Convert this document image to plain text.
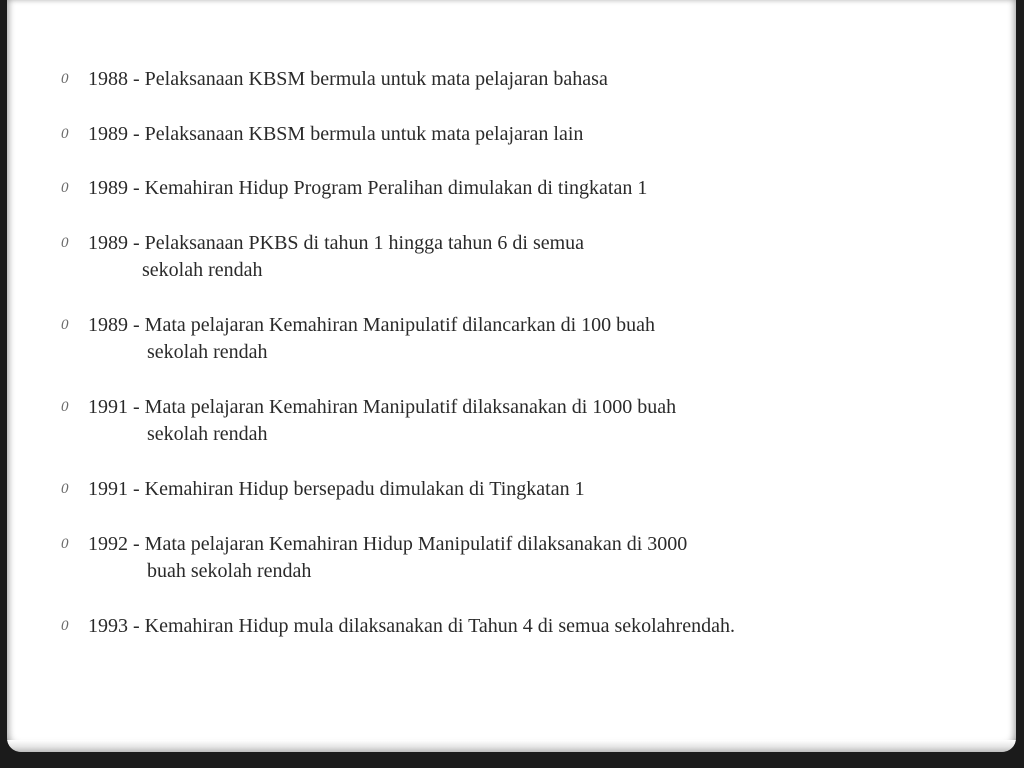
0 1988 - Pelaksanaan KBSM bermula untuk mata pelajaran bahasa
0 1989 - Pelaksanaan KBSM bermula untuk mata pelajaran lain
0 1989 - Kemahiran Hidup Program Peralihan dimulakan di tingkatan 1
0 1989 - Pelaksanaan PKBS di tahun 1 hingga tahun 6 di semua
sekolah rendah
0 1989 - Mata pelajaran Kemahiran Manipulatif dilancarkan di 100 buah
sekolah rendah
0 1991 - Mata pelajaran Kemahiran Manipulatif dilaksanakan di 1000 buah
sekolah rendah
0 1991 - Kemahiran Hidup bersepadu dimulakan di Tingkatan 1
0 1992 - Mata pelajaran Kemahiran Hidup Manipulatif dilaksanakan di 3000
buah sekolah rendah
0 1993 - Kemahiran Hidup mula dilaksanakan di Tahun 4 di semua sekolahrendah.
